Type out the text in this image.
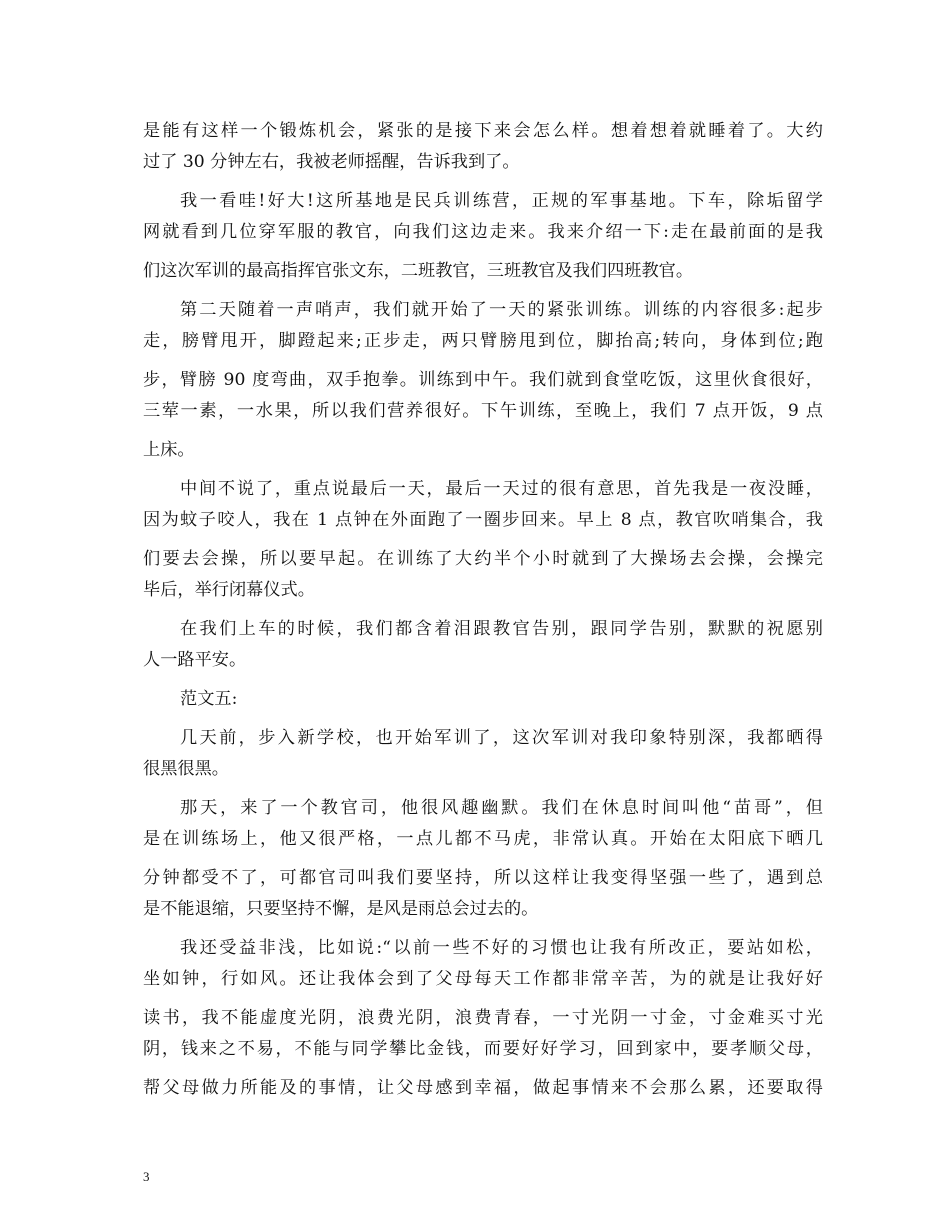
是能有这样一个锻炼机会，紧张的是接下来会怎么样。想着想着就睡着了。大约
过了 30 分钟左右，我被老师摇醒，告诉我到了。
我一看哇!好大!这所基地是民兵训练营，正规的军事基地。下车，除垢留学
网就看到几位穿军服的教官，向我们这边走来。我来介绍一下:走在最前面的是我
们这次军训的最高指挥官张文东，二班教官，三班教官及我们四班教官。
第二天随着一声哨声，我们就开始了一天的紧张训练。训练的内容很多:起步
走，膀臂甩开，脚蹬起来;正步走，两只臂膀甩到位，脚抬高;转向，身体到位;跑
步，臂膀 90 度弯曲，双手抱拳。训练到中午。我们就到食堂吃饭，这里伙食很好，
三荤一素，一水果，所以我们营养很好。下午训练，至晚上，我们 7 点开饭，9 点
上床。
中间不说了，重点说最后一天，最后一天过的很有意思，首先我是一夜没睡，
因为蚊子咬人，我在 1 点钟在外面跑了一圈步回来。早上 8 点，教官吹哨集合，我
们要去会操，所以要早起。在训练了大约半个小时就到了大操场去会操，会操完
毕后，举行闭幕仪式。
在我们上车的时候，我们都含着泪跟教官告别，跟同学告别，默默的祝愿别
人一路平安。
范文五:
几天前，步入新学校，也开始军训了，这次军训对我印象特别深，我都晒得
很黑很黑。
那天，来了一个教官司，他很风趣幽默。我们在休息时间叫他“苗哥”，但
是在训练场上，他又很严格，一点儿都不马虎，非常认真。开始在太阳底下晒几
分钟都受不了，可都官司叫我们要坚持，所以这样让我变得坚强一些了，遇到总
是不能退缩，只要坚持不懈，是风是雨总会过去的。
我还受益非浅，比如说:“以前一些不好的习惯也让我有所改正，要站如松，
坐如钟，行如风。还让我体会到了父母每天工作都非常辛苦，为的就是让我好好
读书，我不能虚度光阴，浪费光阴，浪费青春，一寸光阴一寸金，寸金难买寸光
阴，钱来之不易，不能与同学攀比金钱，而要好好学习，回到家中，要孝顺父母，
帮父母做力所能及的事情，让父母感到幸福，做起事情来不会那么累，还要取得
3
